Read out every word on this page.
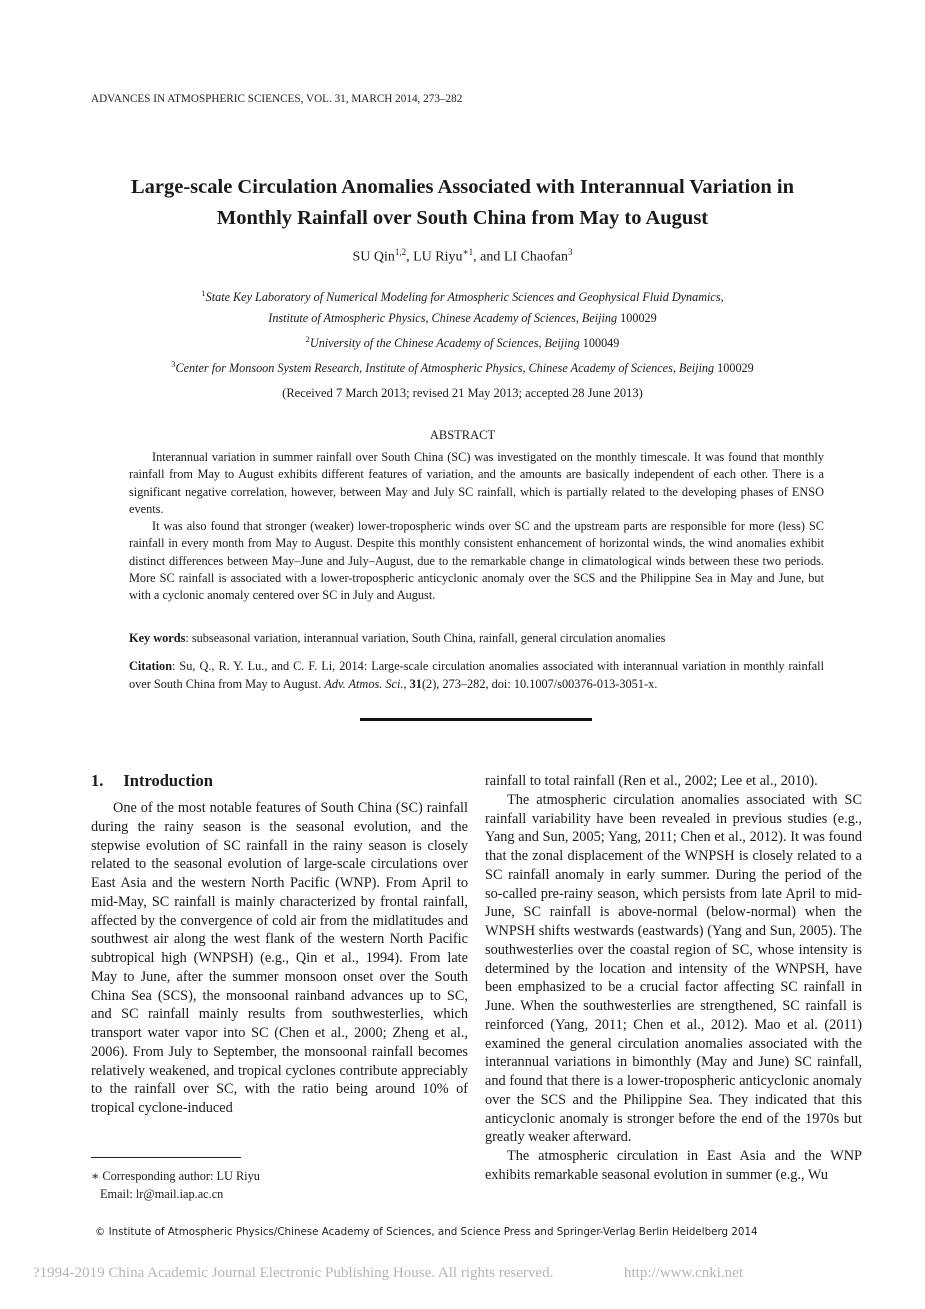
ADVANCES IN ATMOSPHERIC SCIENCES, VOL. 31, MARCH 2014, 273–282
Large-scale Circulation Anomalies Associated with Interannual Variation in
Monthly Rainfall over South China from May to August
SU Qin$^{1,2}$, LU Riyu$^{∗1}$, and LI Chaofan$^3$
$^1$State Key Laboratory of Numerical Modeling for Atmospheric Sciences and Geophysical Fluid Dynamics,
Institute of Atmospheric Physics, Chinese Academy of Sciences, Beijing 100029
$^2$University of the Chinese Academy of Sciences, Beijing 100049
$^3$Center for Monsoon System Research, Institute of Atmospheric Physics, Chinese Academy of Sciences, Beijing 100029
(Received 7 March 2013; revised 21 May 2013; accepted 28 June 2013)
ABSTRACT

Interannual variation in summer rainfall over South China (SC) was investigated on the monthly timescale. It was found that monthly rainfall from May to August exhibits different features of variation, and the amounts are basically independent of each other. There is a significant negative correlation, however, between May and July SC rainfall, which is partially related to the developing phases of ENSO events.

It was also found that stronger (weaker) lower-tropospheric winds over SC and the upstream parts are responsible for more (less) SC rainfall in every month from May to August. Despite this monthly consistent enhancement of horizontal winds, the wind anomalies exhibit distinct differences between May–June and July–August, due to the remarkable change in climatological winds between these two periods. More SC rainfall is associated with a lower-tropospheric anticyclonic anomaly over the SCS and the Philippine Sea in May and June, but with a cyclonic anomaly centered over SC in July and August.

Key words: subseasonal variation, interannual variation, South China, rainfall, general circulation anomalies
Citation: Su, Q., R. Y. Lu., and C. F. Li, 2014: Large-scale circulation anomalies associated with interannual variation in monthly rainfall over South China from May to August. Adv. Atmos. Sci., 31(2), 273–282, doi: 10.1007/s00376-013-3051-x.
1. Introduction

One of the most notable features of South China (SC) rainfall during the rainy season is the seasonal evolution, and the stepwise evolution of SC rainfall in the rainy season is closely related to the seasonal evolution of large-scale circulations over East Asia and the western North Pacific (WNP). From April to mid-May, SC rainfall is mainly characterized by frontal rainfall, affected by the convergence of cold air from the midlatitudes and southwest air along the west flank of the western North Pacific subtropical high (WNPSH) (e.g., Qin et al., 1994). From late May to June, after the summer monsoon onset over the South China Sea (SCS), the monsoonal rainband advances up to SC, and SC rainfall mainly results from southwesterlies, which transport water vapor into SC (Chen et al., 2000; Zheng et al., 2006). From July to September, the monsoonal rainfall becomes relatively weakened, and tropical cyclones contribute appreciably to the rainfall over SC, with the ratio being around 10% of tropical cyclone-induced

rainfall to total rainfall (Ren et al., 2002; Lee et al., 2010).

The atmospheric circulation anomalies associated with SC rainfall variability have been revealed in previous studies (e.g., Yang and Sun, 2005; Yang, 2011; Chen et al., 2012). It was found that the zonal displacement of the WNPSH is closely related to a SC rainfall anomaly in early summer. During the period of the so-called pre-rainy season, which persists from late April to mid-June, SC rainfall is above-normal (below-normal) when the WNPSH shifts westwards (eastwards) (Yang and Sun, 2005). The southwesterlies over the coastal region of SC, whose intensity is determined by the location and intensity of the WNPSH, have been emphasized to be a crucial factor affecting SC rainfall in June. When the southwesterlies are strengthened, SC rainfall is reinforced (Yang, 2011; Chen et al., 2012). Mao et al. (2011) examined the general circulation anomalies associated with the interannual variations in bimonthly (May and June) SC rainfall, and found that there is a lower-tropospheric anticyclonic anomaly over the SCS and the Philippine Sea. They indicated that this anticyclonic anomaly is stronger before the end of the 1970s but greatly weaker afterward.

The atmospheric circulation in East Asia and the WNP exhibits remarkable seasonal evolution in summer (e.g., Wu

∗ Corresponding author: LU Riyu
Email: lr@mail.iap.ac.cn
© Institute of Atmospheric Physics/Chinese Academy of Sciences, and Science Press and Springer-Verlag Berlin Heidelberg 2014
?1994-2019 China Academic Journal Electronic Publishing House. All rights reserved.	http://www.cnki.net
